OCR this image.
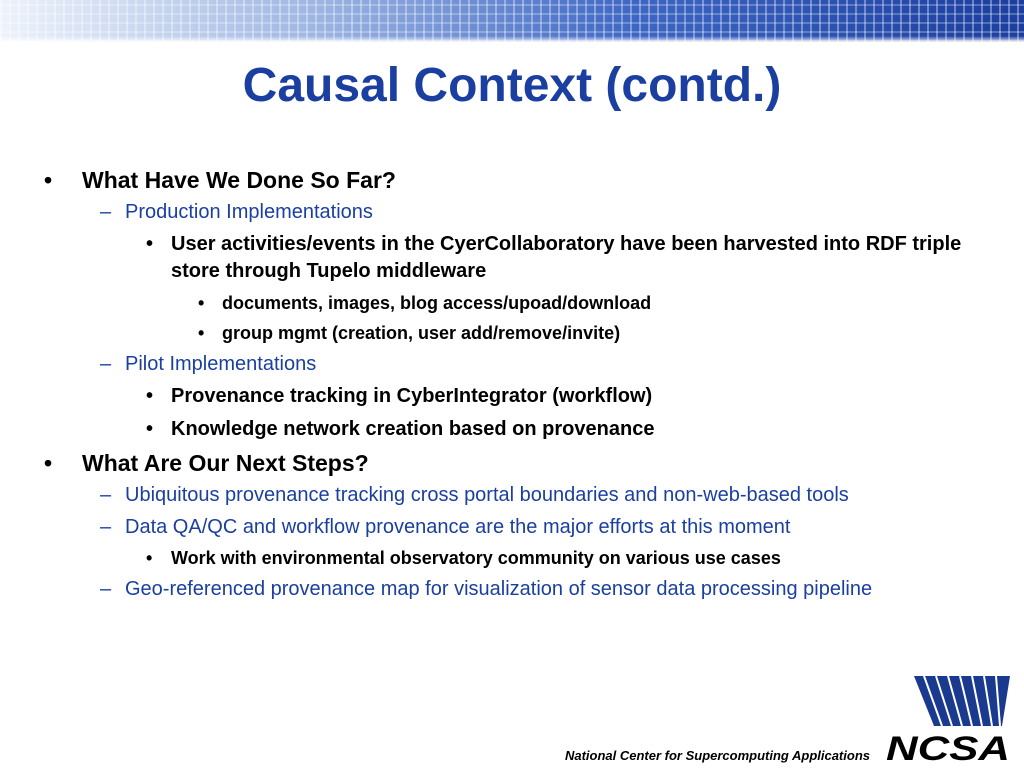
Causal Context (contd.)
• What Have We Done So Far?
– Production Implementations
• User activities/events in the CyerCollaboratory have been harvested into RDF triple store through Tupelo middleware
• documents, images, blog access/upoad/download
• group mgmt (creation, user add/remove/invite)
– Pilot Implementations
• Provenance tracking in CyberIntegrator (workflow)
• Knowledge network creation based on provenance
• What Are Our Next Steps?
– Ubiquitous provenance tracking cross portal boundaries and non-web-based tools
– Data QA/QC and workflow provenance are the major efforts at this moment
• Work with environmental observatory community on various use cases
– Geo-referenced provenance map for visualization of sensor data processing pipeline
National Center for Supercomputing Applications NCSA
